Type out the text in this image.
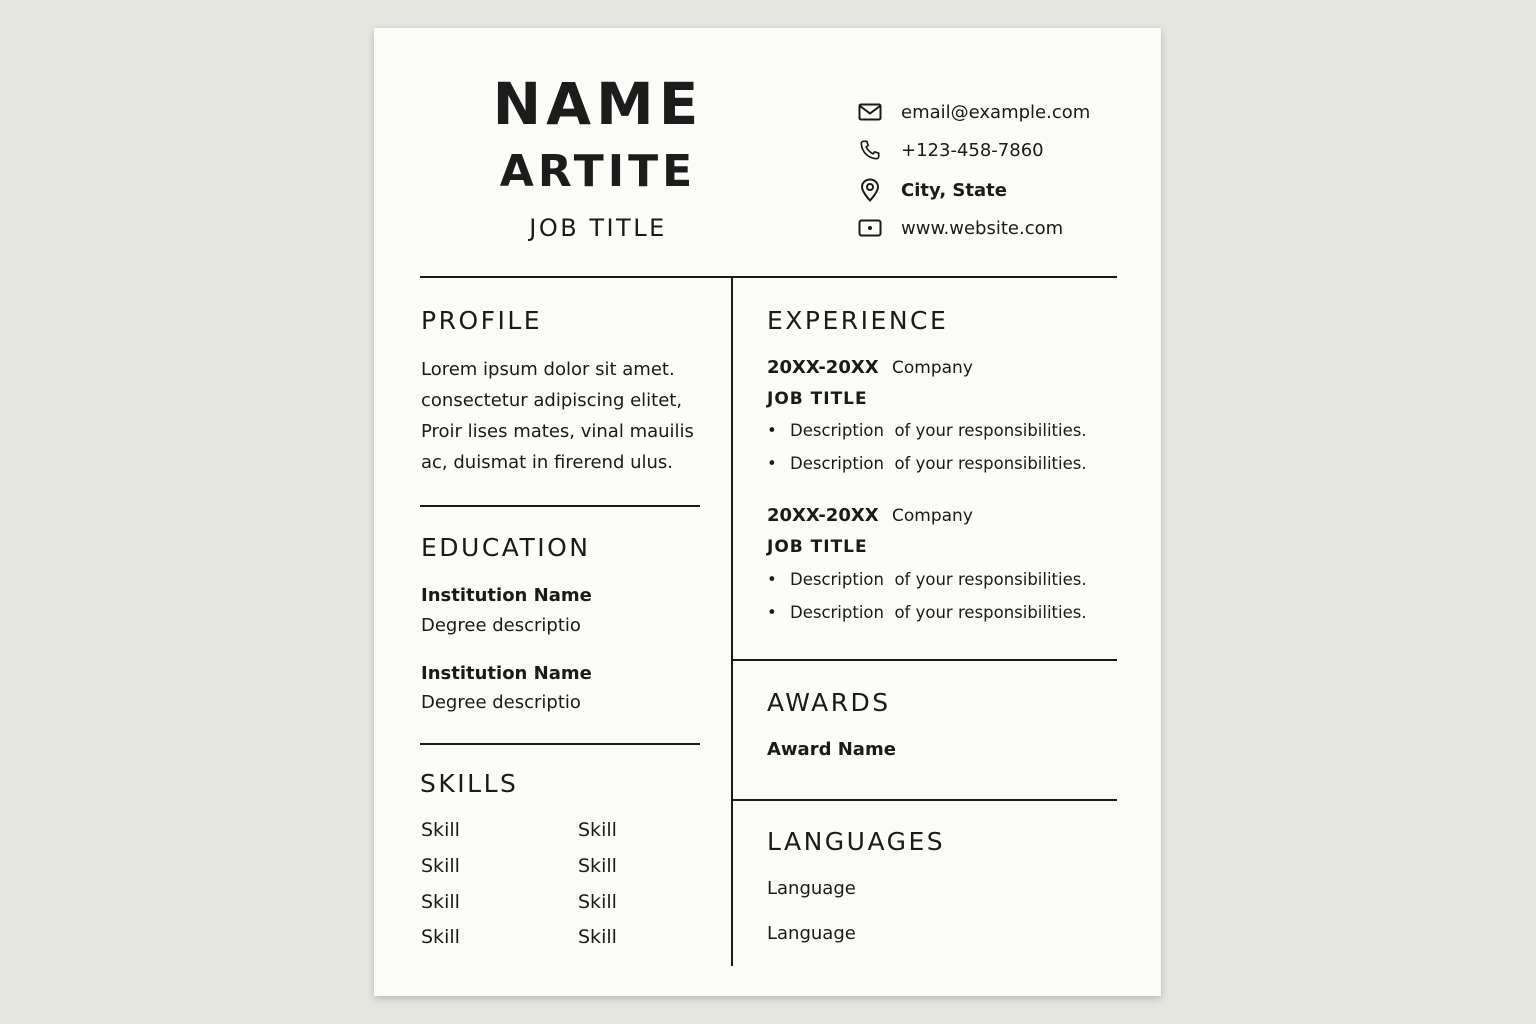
NAME
ARTITE
JOB TITLE
email@example.com
+123-458-7860
City, State
www.website.com
PROFILE
Lorem ipsum dolor sit amet.
consectetur adipiscing elitet,
Proir lises mates, vinal mauilis
ac, duismat in firerend ulus.
EDUCATION
Institution Name
Degree descriptio
Institution Name
Degree descriptio
SKILLS
Skill	Skill
Skill	Skill
Skill	Skill
Skill	Skill
EXPERIENCE
20XX-20XX Company
JOB TITLE
• Description  of your responsibilities.
• Description  of your responsibilities.
20XX-20XX Company
JOB TITLE
• Description  of your responsibilities.
• Description  of your responsibilities.
AWARDS
Award Name
LANGUAGES
Language
Language
